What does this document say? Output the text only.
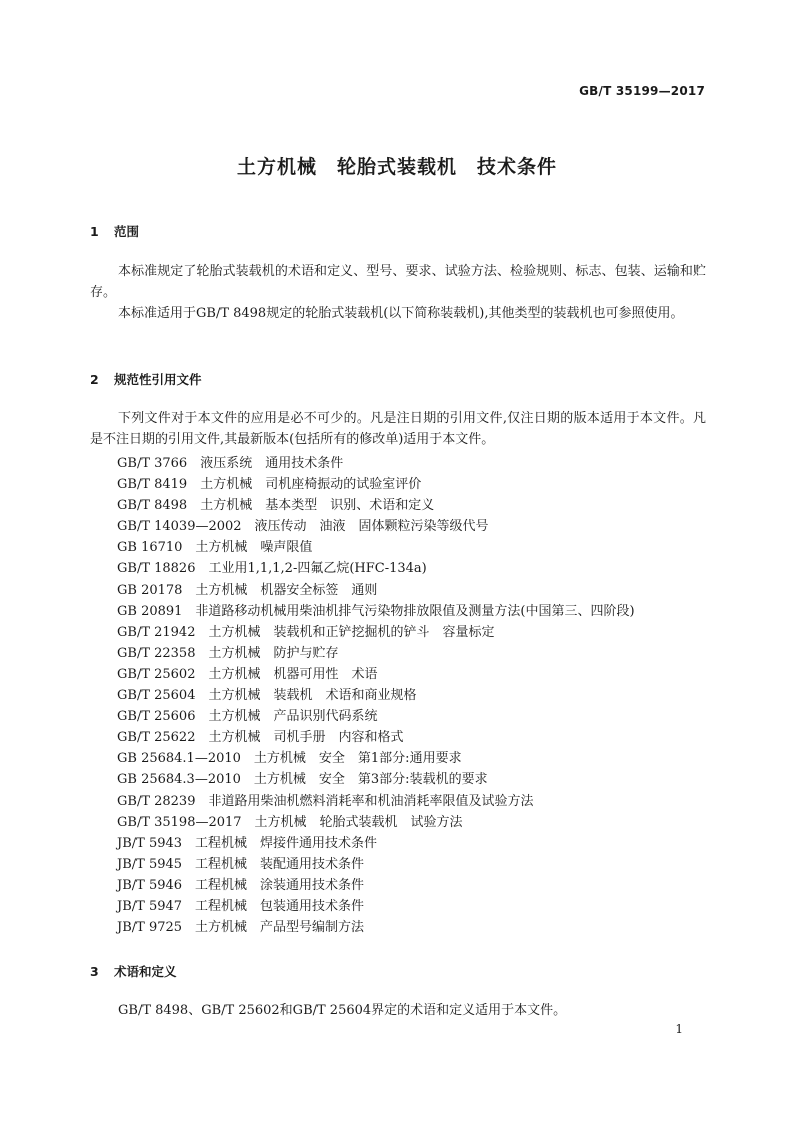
GB/T 35199—2017
土方机械　轮胎式装载机　技术条件
1 范围

本标准规定了轮胎式装载机的术语和定义、型号、要求、试验方法、检验规则、标志、包装、运输和贮存。

本标准适用于GB/T 8498规定的轮胎式装载机(以下简称装载机),其他类型的装载机也可参照使用。

2 规范性引用文件

下列文件对于本文件的应用是必不可少的。凡是注日期的引用文件,仅注日期的版本适用于本文件。凡是不注日期的引用文件,其最新版本(包括所有的修改单)适用于本文件。

GB/T 3766　液压系统　通用技术条件
GB/T 8419　土方机械　司机座椅振动的试验室评价
GB/T 8498　土方机械　基本类型　识别、术语和定义
GB/T 14039—2002　液压传动　油液　固体颗粒污染等级代号
GB 16710　土方机械　噪声限值
GB/T 18826　工业用1,1,1,2-四氟乙烷(HFC-134a)
GB 20178　土方机械　机器安全标签　通则
GB 20891　非道路移动机械用柴油机排气污染物排放限值及测量方法(中国第三、四阶段)
GB/T 21942　土方机械　装载机和正铲挖掘机的铲斗　容量标定
GB/T 22358　土方机械　防护与贮存
GB/T 25602　土方机械　机器可用性　术语
GB/T 25604　土方机械　装载机　术语和商业规格
GB/T 25606　土方机械　产品识别代码系统
GB/T 25622　土方机械　司机手册　内容和格式
GB 25684.1—2010　土方机械　安全　第1部分:通用要求
GB 25684.3—2010　土方机械　安全　第3部分:装载机的要求
GB/T 28239　非道路用柴油机燃料消耗率和机油消耗率限值及试验方法
GB/T 35198—2017　土方机械　轮胎式装载机　试验方法
JB/T 5943　工程机械　焊接件通用技术条件
JB/T 5945　工程机械　装配通用技术条件
JB/T 5946　工程机械　涂装通用技术条件
JB/T 5947　工程机械　包装通用技术条件
JB/T 9725　土方机械　产品型号编制方法
3 术语和定义

GB/T 8498、GB/T 25602和GB/T 25604界定的术语和定义适用于本文件。

1
